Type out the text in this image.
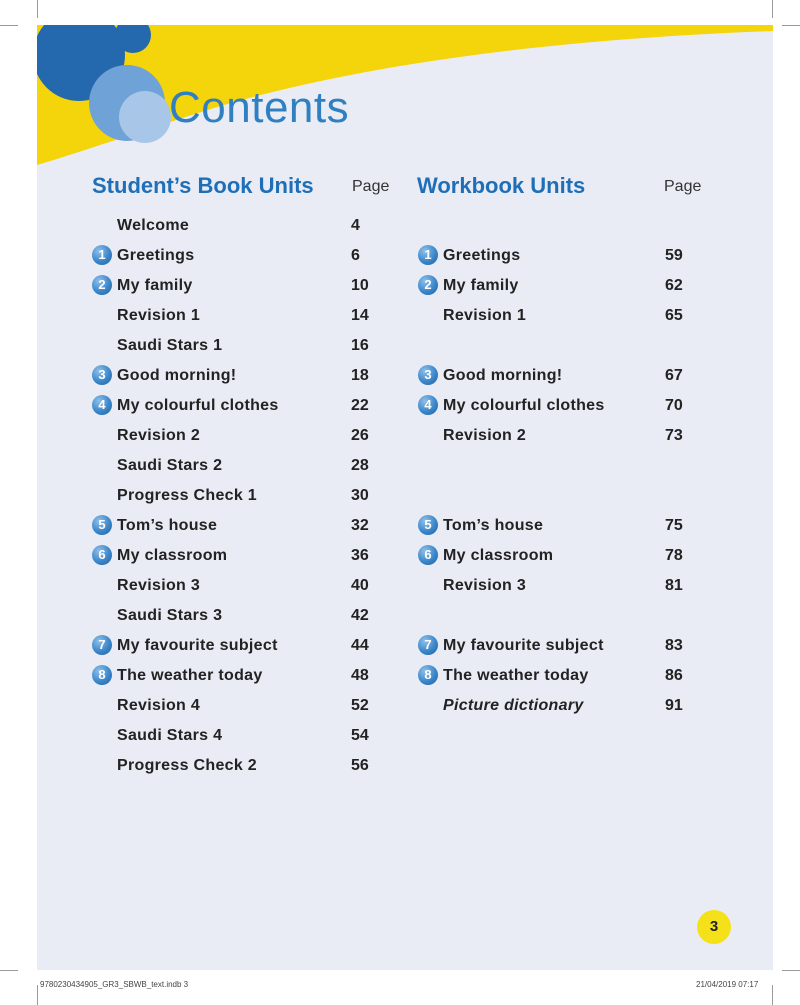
Contents
Student’s Book Units Page Workbook Units	Page
Welcome	4
1 Greetings	6
2 My family	10
Revision 1	14
Saudi Stars 1	16
3 Good morning!	18
4 My colourful clothes	22
Revision 2	26
Saudi Stars 2	28
Progress Check 1	30
5 Tom’s house	32
6 My classroom	36
Revision 3	40
Saudi Stars 3	42
7 My favourite subject	44
8 The weather today	48
Revision 4	52
Saudi Stars 4	54
Progress Check 2	56
1 Greetings	59
2 My family	62
Revision 1	65
3 Good morning!	67
4 My colourful clothes	70
Revision 2	73
5 Tom’s house	75
6 My classroom	78
Revision 3	81
7 My favourite subject	83
8 The weather today	86
Picture dictionary	91
3
9780230434905_GR3_SBWB_text.indb 3	21/04/2019 07:17
